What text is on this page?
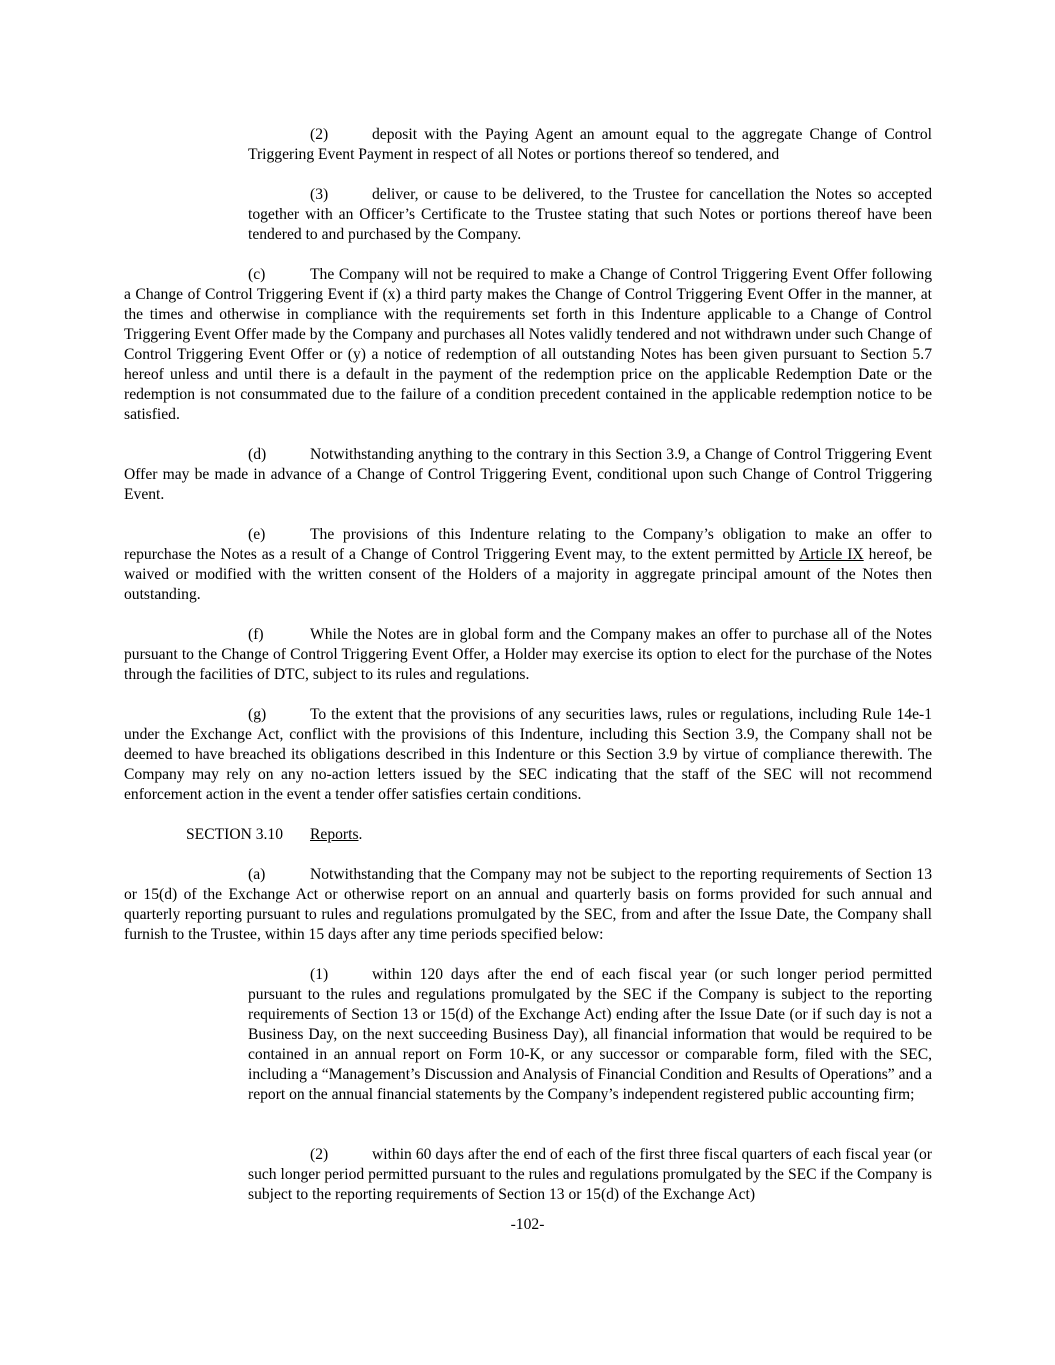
(2)	deposit with the Paying Agent an amount equal to the aggregate Change of Control Triggering Event Payment in respect of all Notes or portions thereof so tendered, and

(3)	deliver, or cause to be delivered, to the Trustee for cancellation the Notes so accepted together with an Officer’s Certificate to the Trustee stating that such Notes or portions thereof have been tendered to and purchased by the Company.

(c)	The Company will not be required to make a Change of Control Triggering Event Offer following a Change of Control Triggering Event if (x) a third party makes the Change of Control Triggering Event Offer in the manner, at the times and otherwise in compliance with the requirements set forth in this Indenture applicable to a Change of Control Triggering Event Offer made by the Company and purchases all Notes validly tendered and not withdrawn under such Change of Control Triggering Event Offer or (y) a notice of redemption of all outstanding Notes has been given pursuant to Section 5.7 hereof unless and until there is a default in the payment of the redemption price on the applicable Redemption Date or the redemption is not consummated due to the failure of a condition precedent contained in the applicable redemption notice to be satisfied.

(d)	Notwithstanding anything to the contrary in this Section 3.9, a Change of Control Triggering Event Offer may be made in advance of a Change of Control Triggering Event, conditional upon such Change of Control Triggering Event.

(e)	The provisions of this Indenture relating to the Company’s obligation to make an offer to repurchase the Notes as a result of a Change of Control Triggering Event may, to the extent permitted by Article IX hereof, be waived or modified with the written consent of the Holders of a majority in aggregate principal amount of the Notes then outstanding.

(f)	While the Notes are in global form and the Company makes an offer to purchase all of the Notes pursuant to the Change of Control Triggering Event Offer, a Holder may exercise its option to elect for the purchase of the Notes through the facilities of DTC, subject to its rules and regulations.

(g)	To the extent that the provisions of any securities laws, rules or regulations, including Rule 14e-1 under the Exchange Act, conflict with the provisions of this Indenture, including this Section 3.9, the Company shall not be deemed to have breached its obligations described in this Indenture or this Section 3.9 by virtue of compliance therewith. The Company may rely on any no-action letters issued by the SEC indicating that the staff of the SEC will not recommend enforcement action in the event a tender offer satisfies certain conditions.

SECTION 3.10 Reports.

(a)	Notwithstanding that the Company may not be subject to the reporting requirements of Section 13 or 15(d) of the Exchange Act or otherwise report on an annual and quarterly basis on forms provided for such annual and quarterly reporting pursuant to rules and regulations promulgated by the SEC, from and after the Issue Date, the Company shall furnish to the Trustee, within 15 days after any time periods specified below:

(1)	within 120 days after the end of each fiscal year (or such longer period permitted pursuant to the rules and regulations promulgated by the SEC if the Company is subject to the reporting requirements of Section 13 or 15(d) of the Exchange Act) ending after the Issue Date (or if such day is not a Business Day, on the next succeeding Business Day), all financial information that would be required to be contained in an annual report on Form 10-K, or any successor or comparable form, filed with the SEC, including a “Management’s Discussion and Analysis of Financial Condition and Results of Operations” and a report on the annual financial statements by the Company’s independent registered public accounting firm;

(2)	within 60 days after the end of each of the first three fiscal quarters of each fiscal year (or such longer period permitted pursuant to the rules and regulations promulgated by the SEC if the Company is subject to the reporting requirements of Section 13 or 15(d) of the Exchange Act)

-102-
